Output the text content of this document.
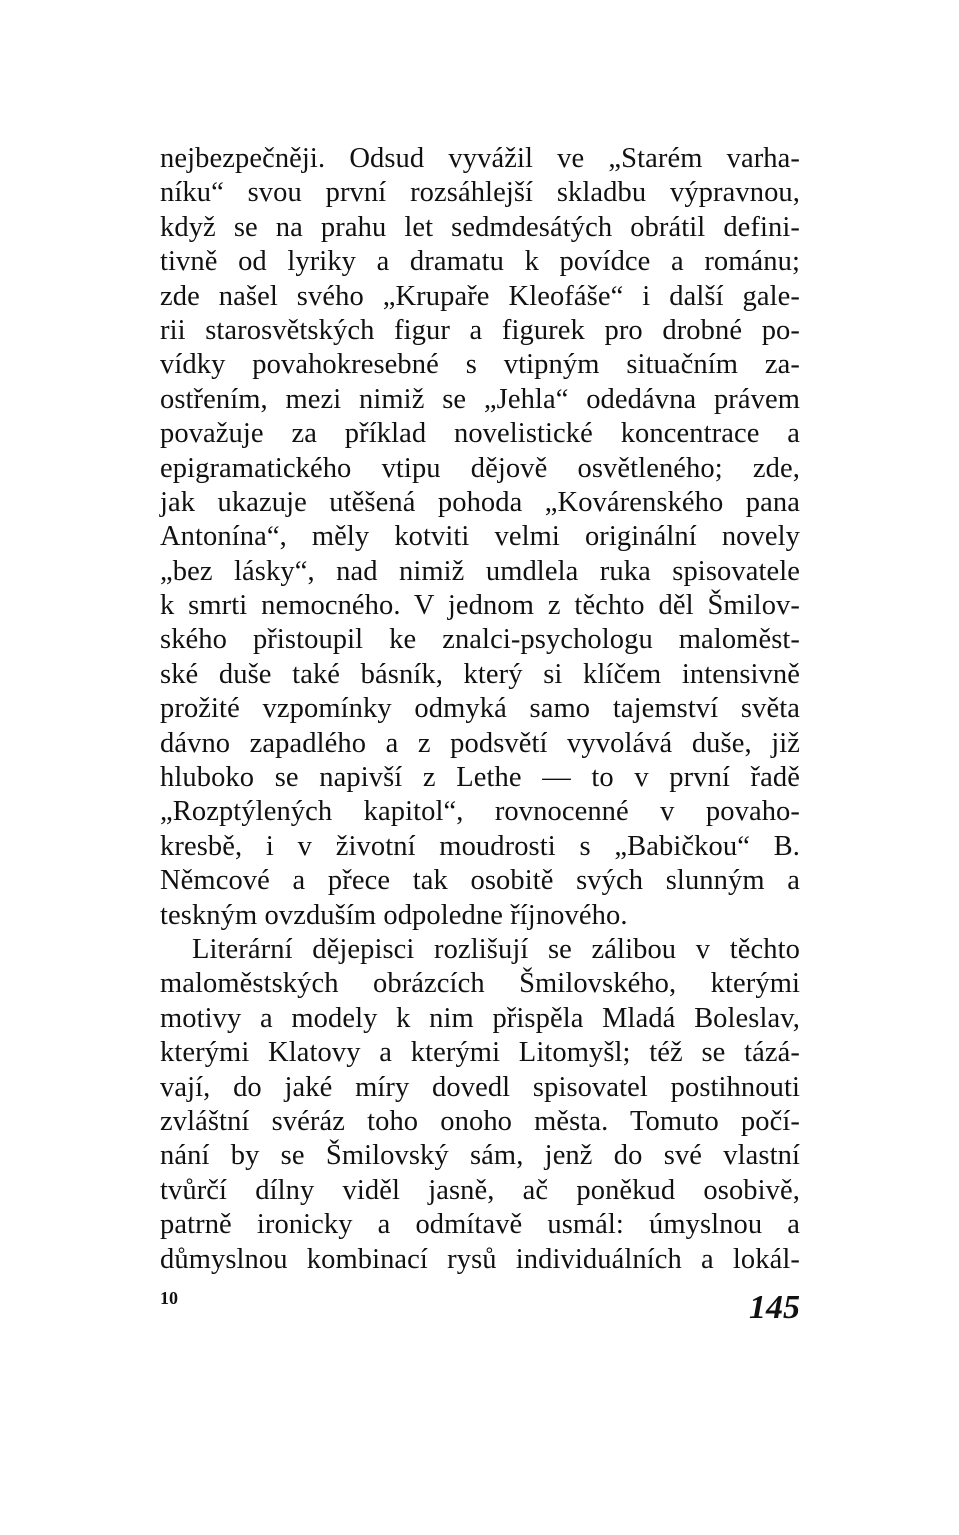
nejbezpečněji. Odsud vyvážil ve „Starém varha-
níku“ svou první rozsáhlejší skladbu výpravnou,
když se na prahu let sedmdesátých obrátil defini-
tivně od lyriky a dramatu k povídce a románu;
zde našel svého „Krupaře Kleofáše“ i další gale-
rii starosvětských figur a figurek pro drobné po-
vídky povahokresebné s vtipným situačním za-
ostřením, mezi nimiž se „Jehla“ odedávna právem
považuje za příklad novelistické koncentrace a
epigramatického vtipu dějově osvětleného; zde,
jak ukazuje utěšená pohoda „Kovárenského pana
Antonína“, měly kotviti velmi originální novely
„bez lásky“, nad nimiž umdlela ruka spisovatele
k smrti nemocného. V jednom z těchto děl Šmilov-
ského přistoupil ke znalci-psychologu maloměst-
ské duše také básník, který si klíčem intensivně
prožité vzpomínky odmyká samo tajemství světa
dávno zapadlého a z podsvětí vyvolává duše, již
hluboko se napivší z Lethe — to v první řadě
„Rozptýlených kapitol“, rovnocenné v povaho-
kresbě, i v životní moudrosti s „Babičkou“ B.
Němcové a přece tak osobitě svých slunným a
teskným ovzduším odpoledne říjnového.
Literární dějepisci rozlišují se zálibou v těchto
maloměstských obrázcích Šmilovského, kterými
motivy a modely k nim přispěla Mladá Boleslav,
kterými Klatovy a kterými Litomyšl; též se tázá-
vají, do jaké míry dovedl spisovatel postihnouti
zvláštní svéráz toho onoho města. Tomuto počí-
nání by se Šmilovský sám, jenž do své vlastní
tvůrčí dílny viděl jasně, ač poněkud osobivě,
patrně ironicky a odmítavě usmál: úmyslnou a
důmyslnou kombinací rysů individuálních a lokál-
10	145
